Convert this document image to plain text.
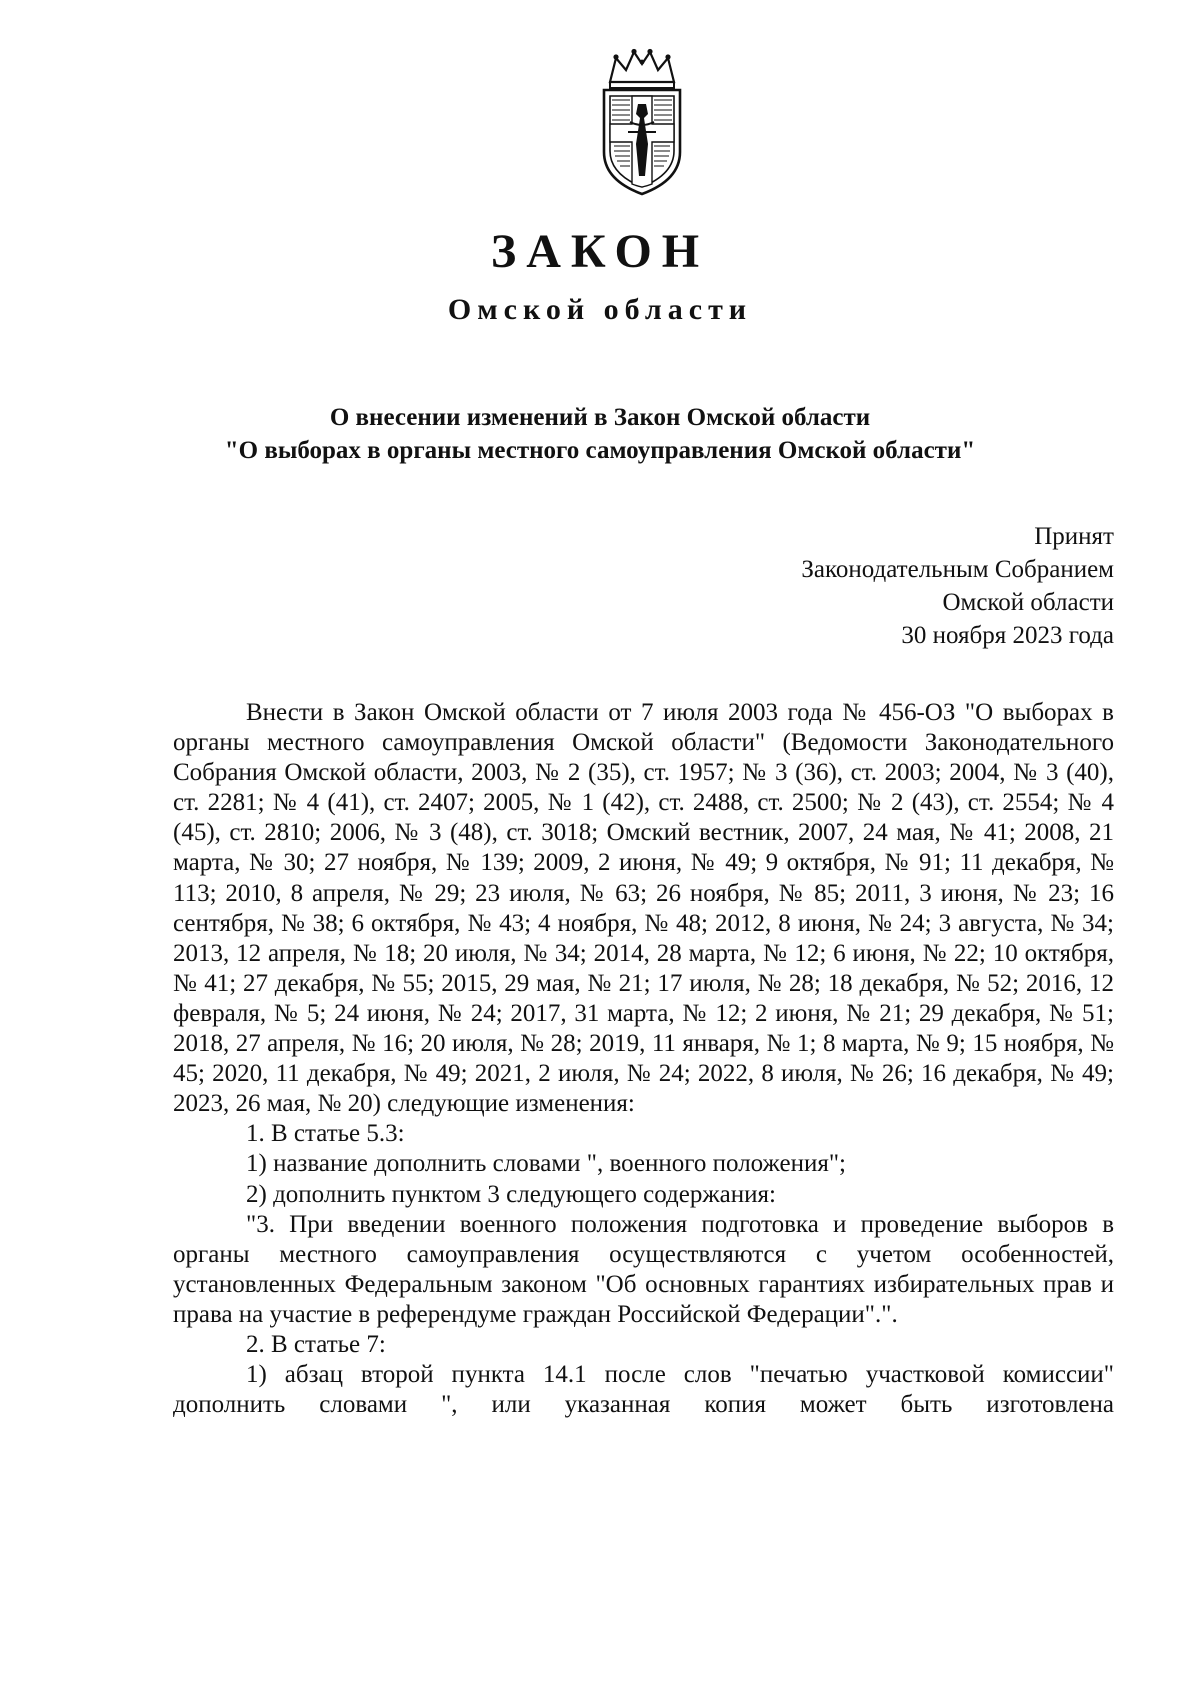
ЗАКОН
Омской области
О внесении изменений в Закон Омской области
"О выборах в органы местного самоуправления Омской области"
Принят
Законодательным Собранием
Омской области
30 ноября 2023 года

Внести в Закон Омской области от 7 июля 2003 года № 456-ОЗ "О выборах в органы местного самоуправления Омской области" (Ведомости Законодательного Собрания Омской области, 2003, № 2 (35), ст. 1957; № 3 (36), ст. 2003; 2004, № 3 (40), ст. 2281; № 4 (41), ст. 2407; 2005, № 1 (42), ст. 2488, ст. 2500; № 2 (43), ст. 2554; № 4 (45), ст. 2810; 2006, № 3 (48), ст. 3018; Омский вестник, 2007, 24 мая, № 41; 2008, 21 марта, № 30; 27 ноября, № 139; 2009, 2 июня, № 49; 9 октября, № 91; 11 декабря, № 113; 2010, 8 апреля, № 29; 23 июля, № 63; 26 ноября, № 85; 2011, 3 июня, № 23; 16 сентября, № 38; 6 октября, № 43; 4 ноября, № 48; 2012, 8 июня, № 24; 3 августа, № 34; 2013, 12 апреля, № 18; 20 июля, № 34; 2014, 28 марта, № 12; 6 июня, № 22; 10 октября, № 41; 27 декабря, № 55; 2015, 29 мая, № 21; 17 июля, № 28; 18 декабря, № 52; 2016, 12 февраля, № 5; 24 июня, № 24; 2017, 31 марта, № 12; 2 июня, № 21; 29 декабря, № 51; 2018, 27 апреля, № 16; 20 июля, № 28; 2019, 11 января, № 1; 8 марта, № 9; 15 ноября, № 45; 2020, 11 декабря, № 49; 2021, 2 июля, № 24; 2022, 8 июля, № 26; 16 декабря, № 49; 2023, 26 мая, № 20) следующие изменения:

1. В статье 5.3:

1) название дополнить словами ", военного положения";

2) дополнить пунктом 3 следующего содержания:

"3. При введении военного положения подготовка и проведение выборов в органы местного самоуправления осуществляются с учетом особенностей, установленных Федеральным законом "Об основных гарантиях избирательных прав и права на участие в референдуме граждан Российской Федерации".".

2. В статье 7:

1) абзац второй пункта 14.1 после слов "печатью участковой комиссии" дополнить словами ", или указанная копия может быть изготовлена
